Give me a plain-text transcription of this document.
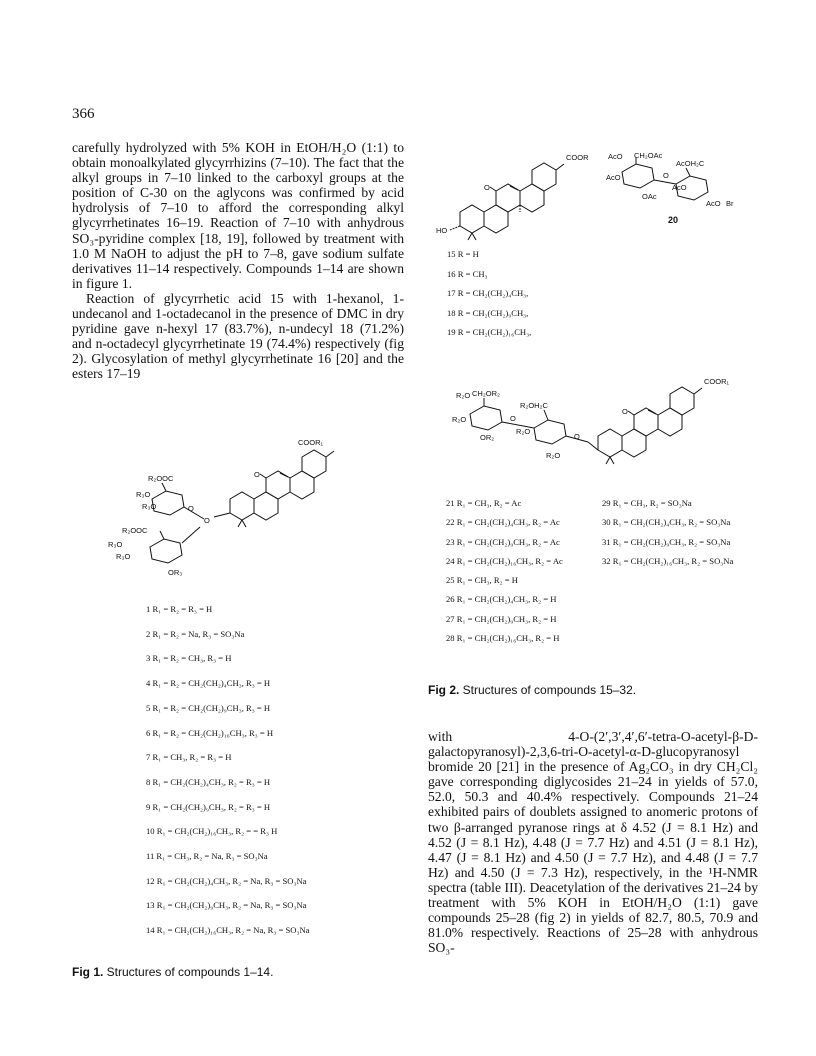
366

carefully hydrolyzed with 5% KOH in EtOH/H₂O (1:1) to obtain monoalkylated glycyrrhizins (7–10). The fact that the alkyl groups in 7–10 linked to the carboxyl groups at the position of C-30 on the aglycons was confirmed by acid hydrolysis of 7–10 to afford the corresponding alkyl glycyrrhetinates 16–19. Reaction of 7–10 with anhydrous SO₃-pyridine complex [18, 19], followed by treatment with 1.0 M NaOH to adjust the pH to 7–8, gave sodium sulfate derivatives 11–14 respectively. Compounds 1–14 are shown in figure 1.

Reaction of glycyrrhetic acid 15 with 1-hexanol, 1-undecanol and 1-octadecanol in the presence of DMC in dry pyridine gave n-hexyl 17 (83.7%), n-undecyl 18 (71.2%) and n-octadecyl glycyrrhetinate 19 (74.4%) respectively (fig 2). Glycosylation of methyl glycyrrhetinate 16 [20] and the esters 17–19

with 4-O-(2′,3′,4′,6′-tetra-O-acetyl-β-D-galactopyranosyl)-2,3,6-tri-O-acetyl-α-D-glucopyranosyl bromide 20 [21] in the presence of Ag₂CO₃ in dry CH₂Cl₂ gave corresponding diglycosides 21–24 in yields of 57.0, 52.0, 50.3 and 40.4% respectively. Compounds 21–24 exhibited pairs of doublets assigned to anomeric protons of two β-arranged pyranose rings at δ 4.52 (J = 8.1 Hz) and 4.52 (J = 8.1 Hz), 4.48 (J = 7.7 Hz) and 4.51 (J = 8.1 Hz), 4.47 (J = 8.1 Hz) and 4.50 (J = 7.7 Hz), and 4.48 (J = 7.7 Hz) and 4.50 (J = 7.3 Hz), respectively, in the ¹H-NMR spectra (table III). Deacetylation of the derivatives 21–24 by treatment with 5% KOH in EtOH/H₂O (1:1) gave compounds 25–28 (fig 2) in yields of 82.7, 80.5, 70.9 and 81.0% respectively. Reactions of 25–28 with anhydrous SO₃-

COOR
O
HO
15 R = H
16 R = CH₃
17 R = CH₂(CH₂)₄CH₃,
18 R = CH₂(CH₂)₉CH₃,
19 R = CH₂(CH₂)₁₆CH₃,
AcO CH₂OAc
AcO
OAc
AcOH₂C
O
AcO
AcO Br
20
COOR₁
O
R₂O CH₂OR₂
R₂OH₂C
R₂O
R₂O
OR₂
R₂O
O
O
21 R₁ = CH₃, R₂ = Ac
22 R₁ = CH₂(CH₂)₄CH₃, R₂ = Ac
23 R₁ = CH₂(CH₂)₉CH₃, R₂ = Ac
24 R₁ = CH₂(CH₂)₁₆CH₃, R₂ = Ac
25 R₁ = CH₃, R₂ = H
26 R₁ = CH₂(CH₂)₄CH₃, R₂ = H
27 R₁ = CH₂(CH₂)₉CH₃, R₂ = H
28 R₁ = CH₂(CH₂)₁₆CH₃, R₂ = H
29 R₁ = CH₃, R₂ = SO₃Na
30 R₁ = CH₂(CH₂)₄CH₃, R₂ = SO₃Na
31 R₁ = CH₂(CH₂)₉CH₃, R₂ = SO₃Na
32 R₁ = CH₂(CH₂)₁₆CH₃, R₂ = SO₃Na
Fig 2. Structures of compounds 15–32.
COOR₁
O
R₂OOC
R₃O
R₃O
R₂OOC
R₃O
R₃O
OR₃
O
O
1 R₁ = R₂ = R₃ = H
2 R₁ = R₂ = Na, R₃ = SO₃Na
3 R₁ = R₂ = CH₃, R₃ = H
4 R₁ = R₂ = CH₂(CH₂)₄CH₃, R₃ = H
5 R₁ = R₂ = CH₂(CH₂)₉CH₃, R₃ = H
6 R₁ = R₂ = CH₂(CH₂)₁₆CH₃, R₃ = H
7 R₁ = CH₃, R₂ = R₃ = H
8 R₁ = CH₂(CH₂)₄CH₃, R₂ = R₃ = H
9 R₁ = CH₂(CH₂)₉CH₃, R₂ = R₃ = H
10 R₁ = CH₂(CH₂)₁₆CH₃, R₂ = = R₃ H
11 R₁ = CH₃, R₂ = Na, R₃ = SO₃Na
12 R₁ = CH₂(CH₂)₄CH₃, R₂ = Na, R₃ = SO₃Na
13 R₁ = CH₂(CH₂)₉CH₃, R₂ = Na, R₃ = SO₃Na
14 R₁ = CH₂(CH₂)₁₆CH₃, R₂ = Na, R₃ = SO₃Na
Fig 1. Structures of compounds 1–14.
